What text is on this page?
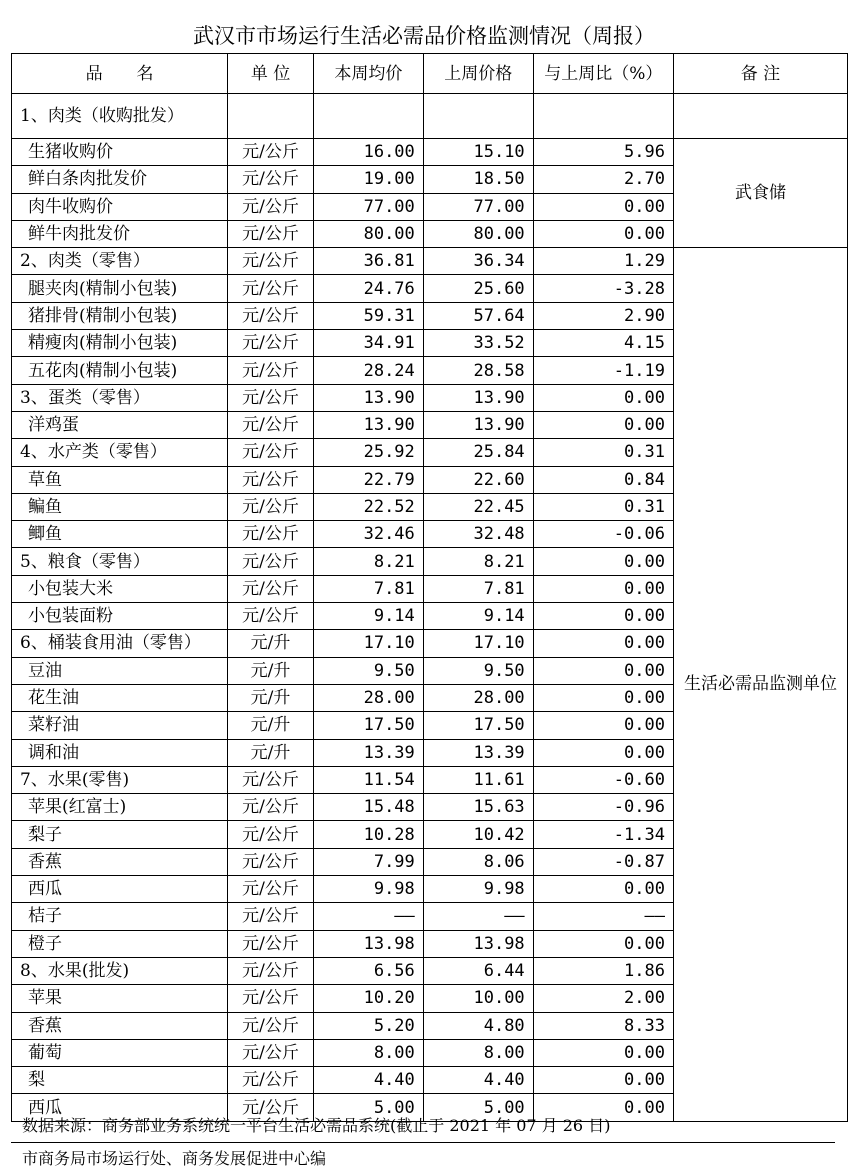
武汉市市场运行生活必需品价格监测情况（周报）
品　　名	单 位	本周均价	上周价格	与上周比（%）	备 注
1、肉类（收购批发）					
生猪收购价	元/公斤	16.00	15.10	5.96	武食储
鲜白条肉批发价	元/公斤	19.00	18.50	2.70	
肉牛收购价	元/公斤	77.00	77.00	0.00	
鲜牛肉批发价	元/公斤	80.00	80.00	0.00	
2、肉类（零售）	元/公斤	36.81	36.34	1.29	生活必需品监测单位
腿夹肉(精制小包装)	元/公斤	24.76	25.60	-3.28	
猪排骨(精制小包装)	元/公斤	59.31	57.64	2.90	
精瘦肉(精制小包装)	元/公斤	34.91	33.52	4.15	
五花肉(精制小包装)	元/公斤	28.24	28.58	-1.19	
3、蛋类（零售）	元/公斤	13.90	13.90	0.00	
洋鸡蛋	元/公斤	13.90	13.90	0.00	
4、水产类（零售）	元/公斤	25.92	25.84	0.31	
草鱼	元/公斤	22.79	22.60	0.84	
鳊鱼	元/公斤	22.52	22.45	0.31	
鲫鱼	元/公斤	32.46	32.48	-0.06	
5、粮食（零售）	元/公斤	8.21	8.21	0.00	
小包装大米	元/公斤	7.81	7.81	0.00	
小包装面粉	元/公斤	9.14	9.14	0.00	
6、桶装食用油（零售）	元/升	17.10	17.10	0.00	
豆油	元/升	9.50	9.50	0.00	
花生油	元/升	28.00	28.00	0.00	
菜籽油	元/升	17.50	17.50	0.00	
调和油	元/升	13.39	13.39	0.00	
7、水果(零售)	元/公斤	11.54	11.61	-0.60	
苹果(红富士)	元/公斤	15.48	15.63	-0.96	
梨子	元/公斤	10.28	10.42	-1.34	
香蕉	元/公斤	7.99	8.06	-0.87	
西瓜	元/公斤	9.98	9.98	0.00	
桔子	元/公斤	——	——	——	
橙子	元/公斤	13.98	13.98	0.00	
8、水果(批发)	元/公斤	6.56	6.44	1.86	
苹果	元/公斤	10.20	10.00	2.00	
香蕉	元/公斤	5.20	4.80	8.33	
葡萄	元/公斤	8.00	8.00	0.00	
梨	元/公斤	4.40	4.40	0.00	
西瓜	元/公斤	5.00	5.00	0.00	
数据来源：商务部业务系统统一平台生活必需品系统(截止于 2021 年 07 月 26 日)
市商务局市场运行处、商务发展促进中心编
